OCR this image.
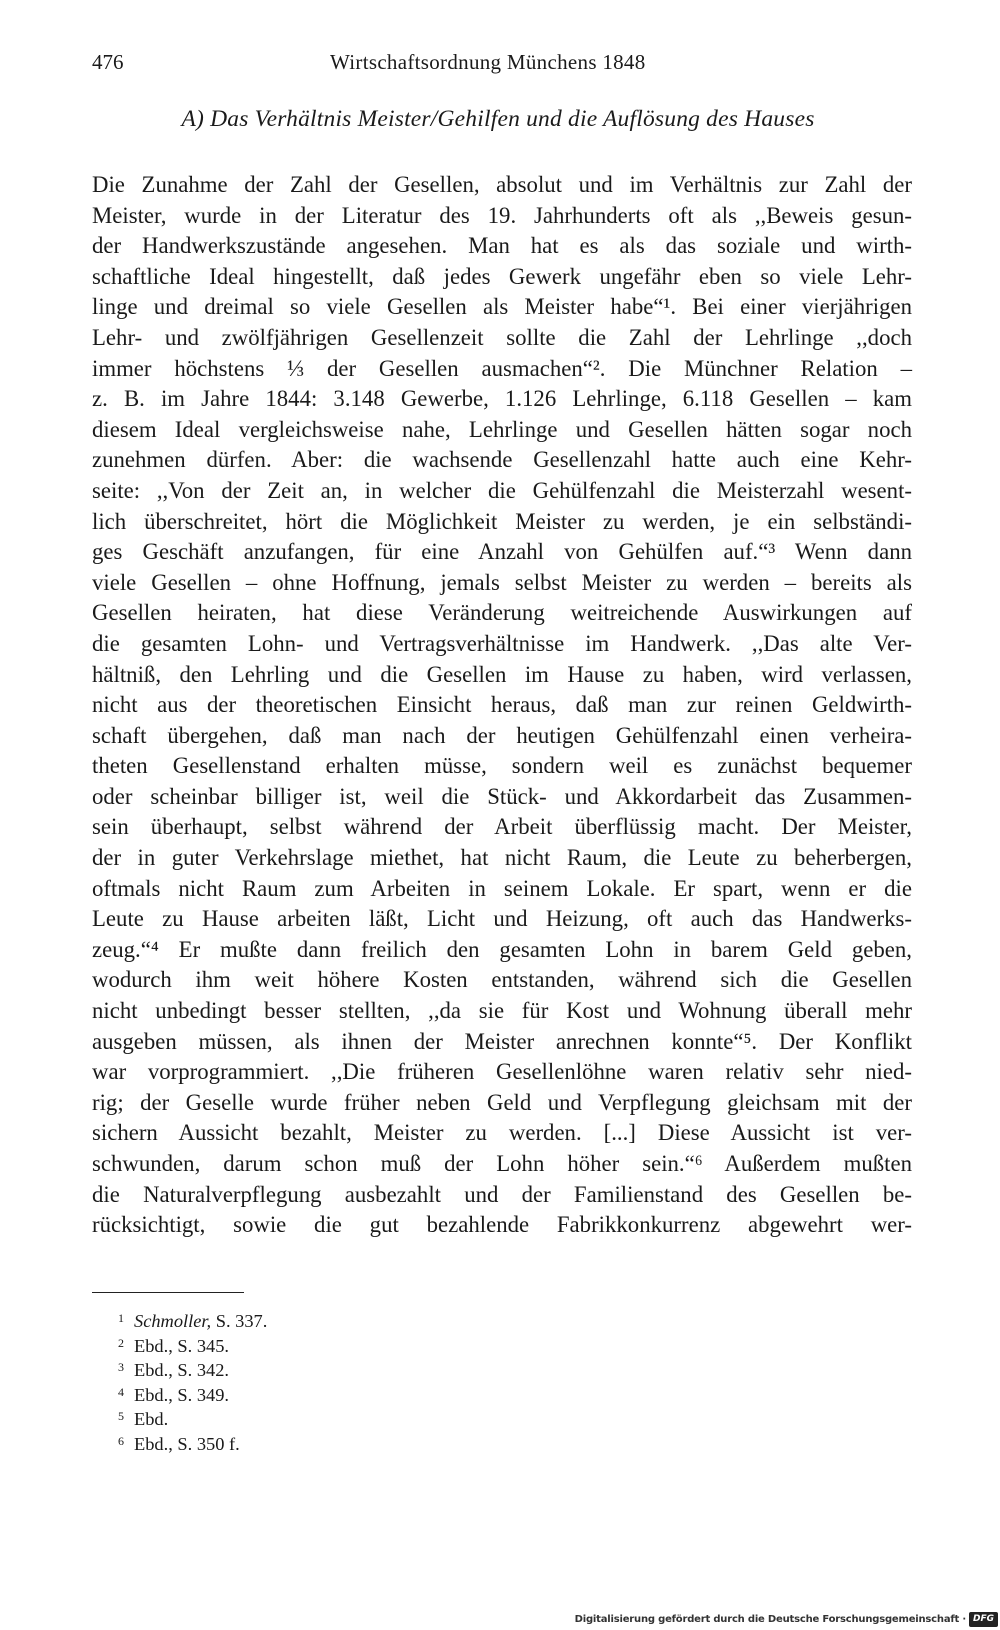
476	Wirtschaftsordnung Münchens 1848
A) Das Verhältnis Meister/Gehilfen und die Auflösung des Hauses
Die Zunahme der Zahl der Gesellen, absolut und im Verhältnis zur Zahl der
Meister, wurde in der Literatur des 19. Jahrhunderts oft als ,,Beweis gesun-
der Handwerkszustände angesehen. Man hat es als das soziale und wirth-
schaftliche Ideal hingestellt, daß jedes Gewerk ungefähr eben so viele Lehr-
linge und dreimal so viele Gesellen als Meister habe“¹. Bei einer vierjährigen
Lehr- und zwölfjährigen Gesellenzeit sollte die Zahl der Lehrlinge ,,doch
immer höchstens ⅓ der Gesellen ausmachen“². Die Münchner Relation –
z. B. im Jahre 1844: 3.148 Gewerbe, 1.126 Lehrlinge, 6.118 Gesellen – kam
diesem Ideal vergleichsweise nahe, Lehrlinge und Gesellen hätten sogar noch
zunehmen dürfen. Aber: die wachsende Gesellenzahl hatte auch eine Kehr-
seite: ,,Von der Zeit an, in welcher die Gehülfenzahl die Meisterzahl wesent-
lich überschreitet, hört die Möglichkeit Meister zu werden, je ein selbständi-
ges Geschäft anzufangen, für eine Anzahl von Gehülfen auf.“³ Wenn dann
viele Gesellen – ohne Hoffnung, jemals selbst Meister zu werden – bereits als
Gesellen heiraten, hat diese Veränderung weitreichende Auswirkungen auf
die gesamten Lohn- und Vertragsverhältnisse im Handwerk. ,,Das alte Ver-
hältniß, den Lehrling und die Gesellen im Hause zu haben, wird verlassen,
nicht aus der theoretischen Einsicht heraus, daß man zur reinen Geldwirth-
schaft übergehen, daß man nach der heutigen Gehülfenzahl einen verheira-
theten Gesellenstand erhalten müsse, sondern weil es zunächst bequemer
oder scheinbar billiger ist, weil die Stück- und Akkordarbeit das Zusammen-
sein überhaupt, selbst während der Arbeit überflüssig macht. Der Meister,
der in guter Verkehrslage miethet, hat nicht Raum, die Leute zu beherbergen,
oftmals nicht Raum zum Arbeiten in seinem Lokale. Er spart, wenn er die
Leute zu Hause arbeiten läßt, Licht und Heizung, oft auch das Handwerks-
zeug.“⁴ Er mußte dann freilich den gesamten Lohn in barem Geld geben,
wodurch ihm weit höhere Kosten entstanden, während sich die Gesellen
nicht unbedingt besser stellten, ,,da sie für Kost und Wohnung überall mehr
ausgeben müssen, als ihnen der Meister anrechnen konnte“⁵. Der Konflikt
war vorprogrammiert. ,,Die früheren Gesellenlöhne waren relativ sehr nied-
rig; der Geselle wurde früher neben Geld und Verpflegung gleichsam mit der
sichern Aussicht bezahlt, Meister zu werden. [...] Diese Aussicht ist ver-
schwunden, darum schon muß der Lohn höher sein.“⁶ Außerdem mußten
die Naturalverpflegung ausbezahlt und der Familienstand des Gesellen be-
rücksichtigt, sowie die gut bezahlende Fabrikkonkurrenz abgewehrt wer-
1 Schmoller, S. 337.
2 Ebd., S. 345.
3 Ebd., S. 342.
4 Ebd., S. 349.
5 Ebd.
6 Ebd., S. 350 f.
Digitalisierung gefördert durch die Deutsche Forschungsgemeinschaft · DFG
